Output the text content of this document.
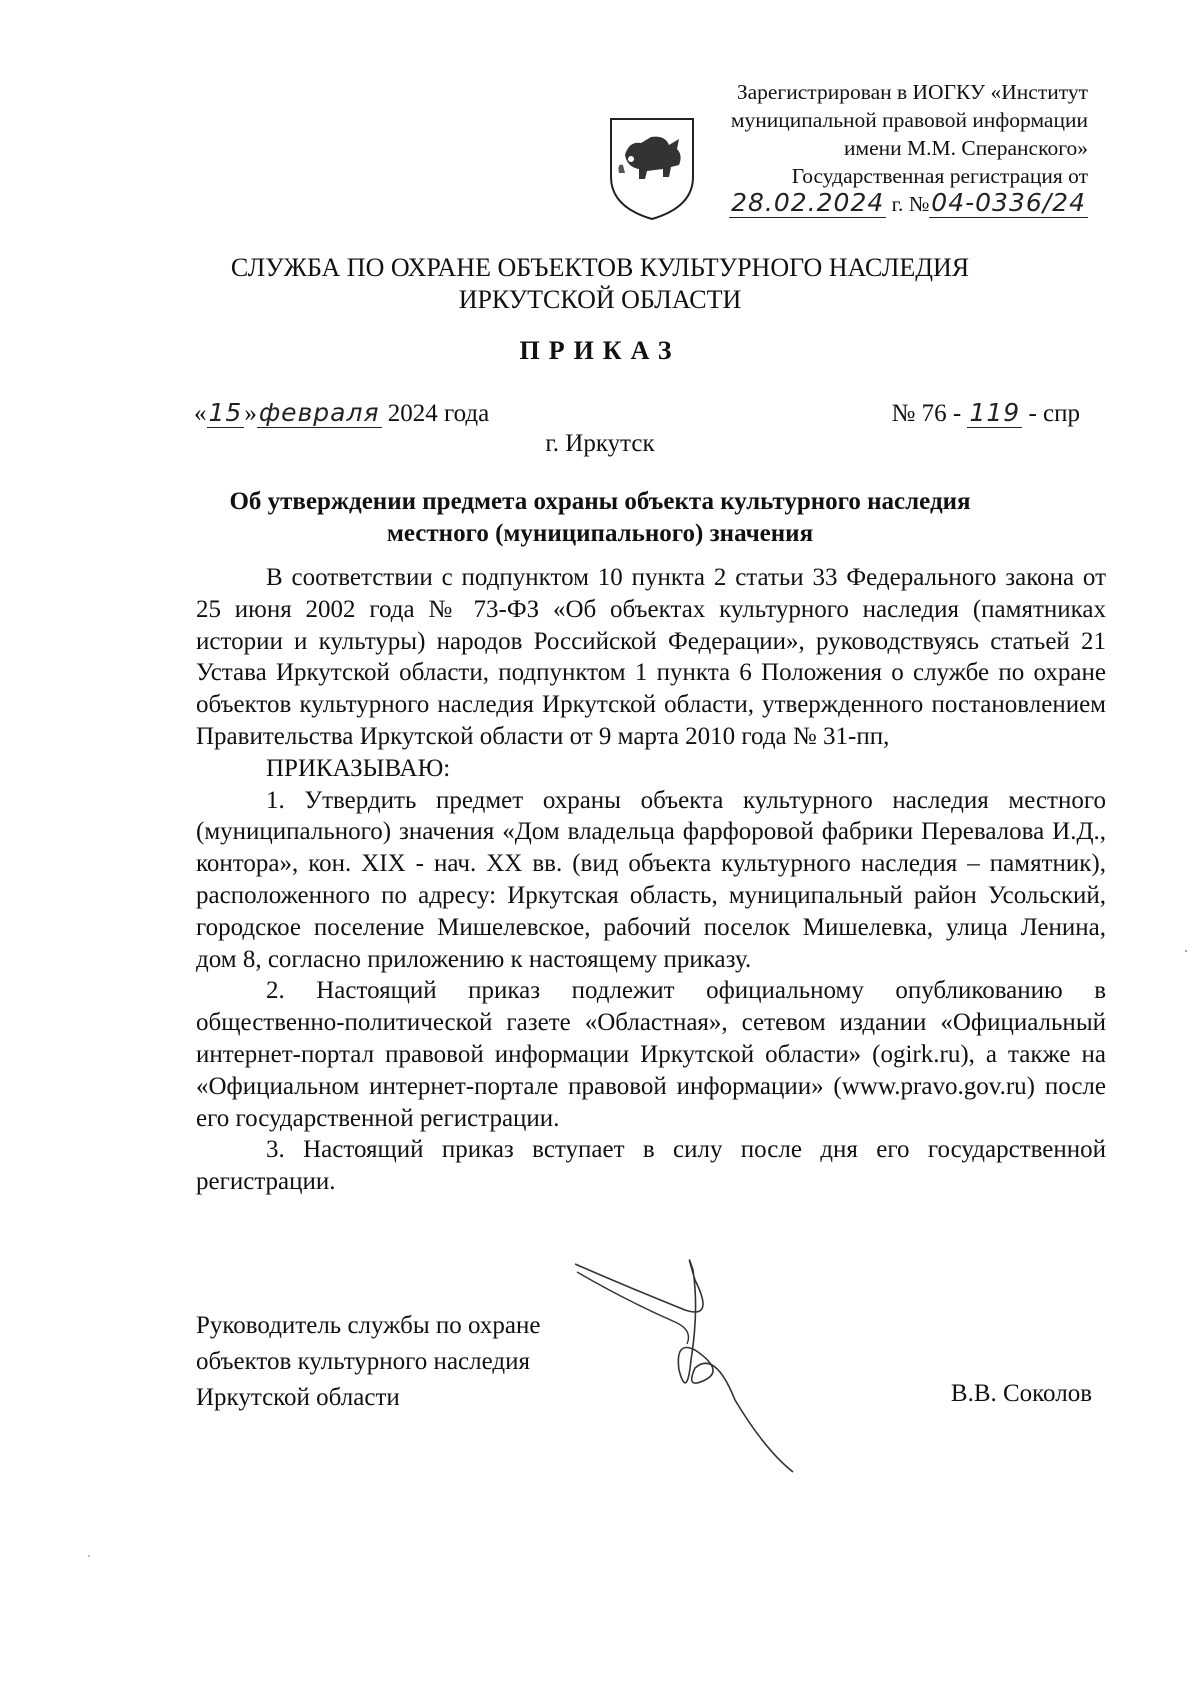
Зарегистрирован в ИОГКУ «Институт
муниципальной правовой информации
имени М.М. Сперанского»
Государственная регистрация от
28.02.2024 г. №04-0336/24
СЛУЖБА ПО ОХРАНЕ ОБЪЕКТОВ КУЛЬТУРНОГО НАСЛЕДИЯ
ИРКУТСКОЙ ОБЛАСТИ
ПРИКАЗ
«15»февраля 2024 года	№ 76 - 119 - спр
г. Иркутск
Об утверждении предмета охраны объекта культурного наследия
местного (муниципального) значения

В соответствии с подпунктом 10 пункта 2 статьи 33 Федерального закона от 25 июня 2002 года № 73-ФЗ «Об объектах культурного наследия (памятниках истории и культуры) народов Российской Федерации», руководствуясь статьей 21 Устава Иркутской области, подпунктом 1 пункта 6 Положения о службе по охране объектов культурного наследия Иркутской области, утвержденного постановлением Правительства Иркутской области от 9 марта 2010 года № 31-пп,

ПРИКАЗЫВАЮ:

1. Утвердить предмет охраны объекта культурного наследия местного (муниципального) значения «Дом владельца фарфоровой фабрики Перевалова И.Д., контора», кон. XIX - нач. XX вв. (вид объекта культурного наследия – памятник), расположенного по адресу: Иркутская область, муниципальный район Усольский, городское поселение Мишелевское, рабочий поселок Мишелевка, улица Ленина, дом 8, согласно приложению к настоящему приказу.

2. Настоящий приказ подлежит официальному опубликованию в общественно-политической газете «Областная», сетевом издании «Официальный интернет-портал правовой информации Иркутской области» (ogirk.ru), а также на «Официальном интернет-портале правовой информации» (www.pravo.gov.ru) после его государственной регистрации.

3. Настоящий приказ вступает в силу после дня его государственной регистрации.

Руководитель службы по охране
объектов культурного наследия
Иркутской области	В.В. Соколов
